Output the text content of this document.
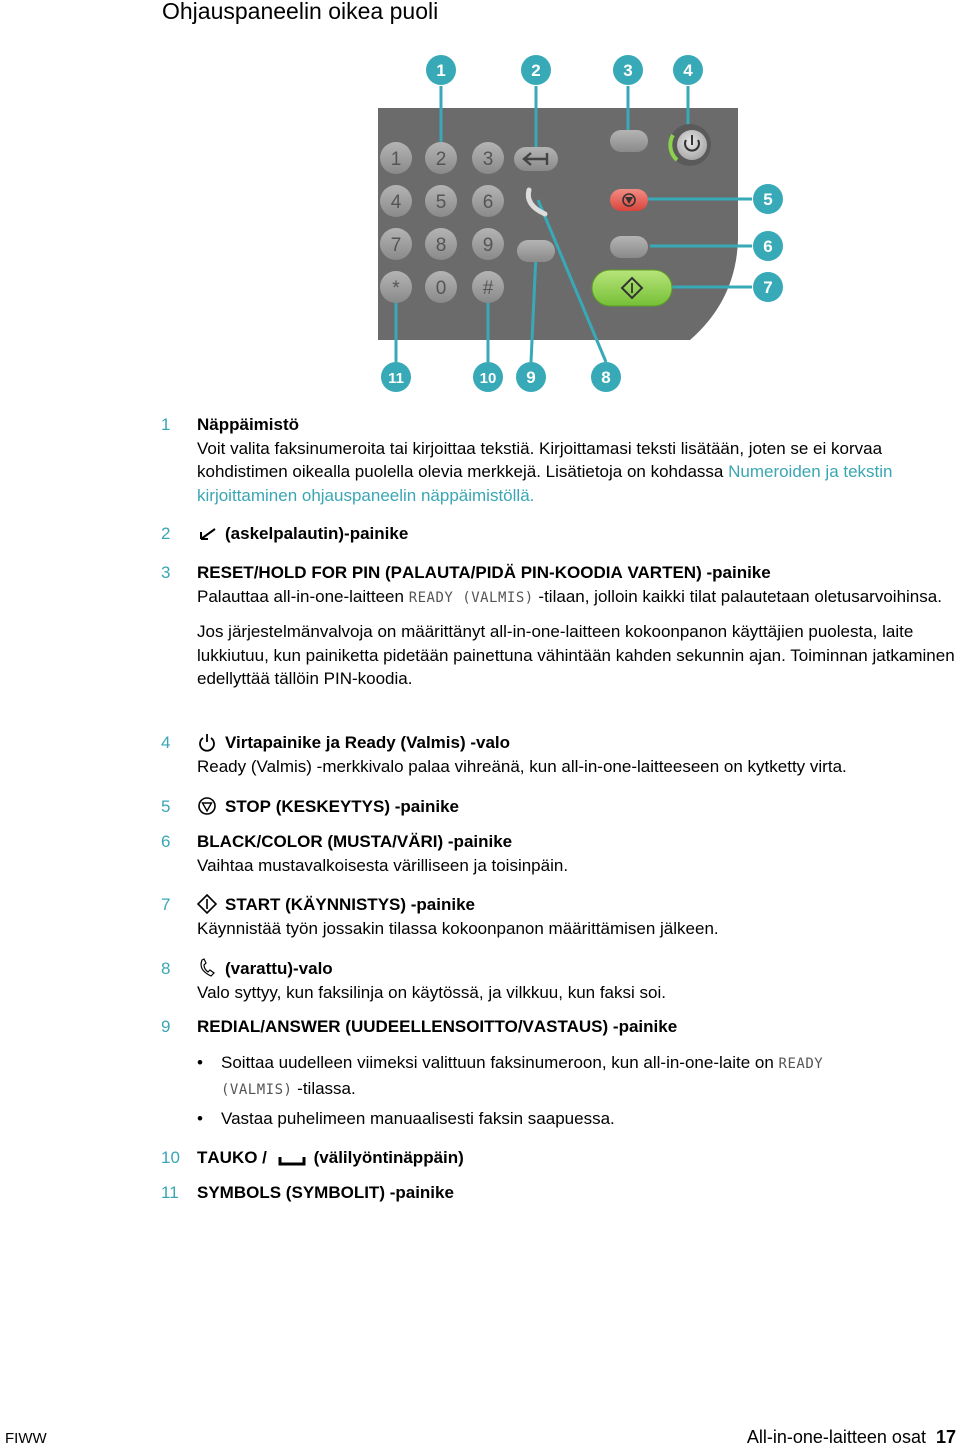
Ohjauspaneelin oikea puoli
1 2 3
4 5 6
7 8 9
* 0 #
1	2	3	4
5
6
7
11	10 9	8
1 Näppäimistö

Voit valita faksinumeroita tai kirjoittaa tekstiä. Kirjoittamasi teksti lisätään, joten se ei korvaa kohdistimen oikealla puolella olevia merkkejä. Lisätietoja on kohdassa Numeroiden ja tekstin kirjoittaminen ohjauspaneelin näppäimistöllä.

2	(askelpalautin)-painike
3 RESET/HOLD FOR PIN (PALAUTA/PIDÄ PIN-KOODIA VARTEN) -painike

Palauttaa all-in-one-laitteen READY (VALMIS) -tilaan, jolloin kaikki tilat palautetaan oletusarvoihinsa.

Jos järjestelmänvalvoja on määrittänyt all-in-one-laitteen kokoonpanon käyttäjien puolesta, laite lukkiutuu, kun painiketta pidetään painettuna vähintään kahden sekunnin ajan. Toiminnan jatkaminen edellyttää tällöin PIN-koodia.

4	Virtapainike ja Ready (Valmis) -valo

Ready (Valmis) -merkkivalo palaa vihreänä, kun all-in-one-laitteeseen on kytketty virta.

5	STOP (KESKEYTYS) -painike
6 BLACK/COLOR (MUSTA/VÄRI) -painike

Vaihtaa mustavalkoisesta värilliseen ja toisinpäin.

7	START (KÄYNNISTYS) -painike

Käynnistää työn jossakin tilassa kokoonpanon määrittämisen jälkeen.

8	(varattu)-valo

Valo syttyy, kun faksilinja on käytössä, ja vilkkuu, kun faksi soi.

9 REDIAL/ANSWER (UUDEELLENSOITTO/VASTAUS) -painike
• Soittaa uudelleen viimeksi valittuun faksinumeroon, kun all-in-one-laite on READY
(VALMIS) -tilassa.
• Vastaa puhelimeen manuaalisesti faksin saapuessa.
10 TAUKO / (välilyöntinäppäin)
11 SYMBOLS (SYMBOLIT) -painike
FIWW	All-in-one-laitteen osat 17
